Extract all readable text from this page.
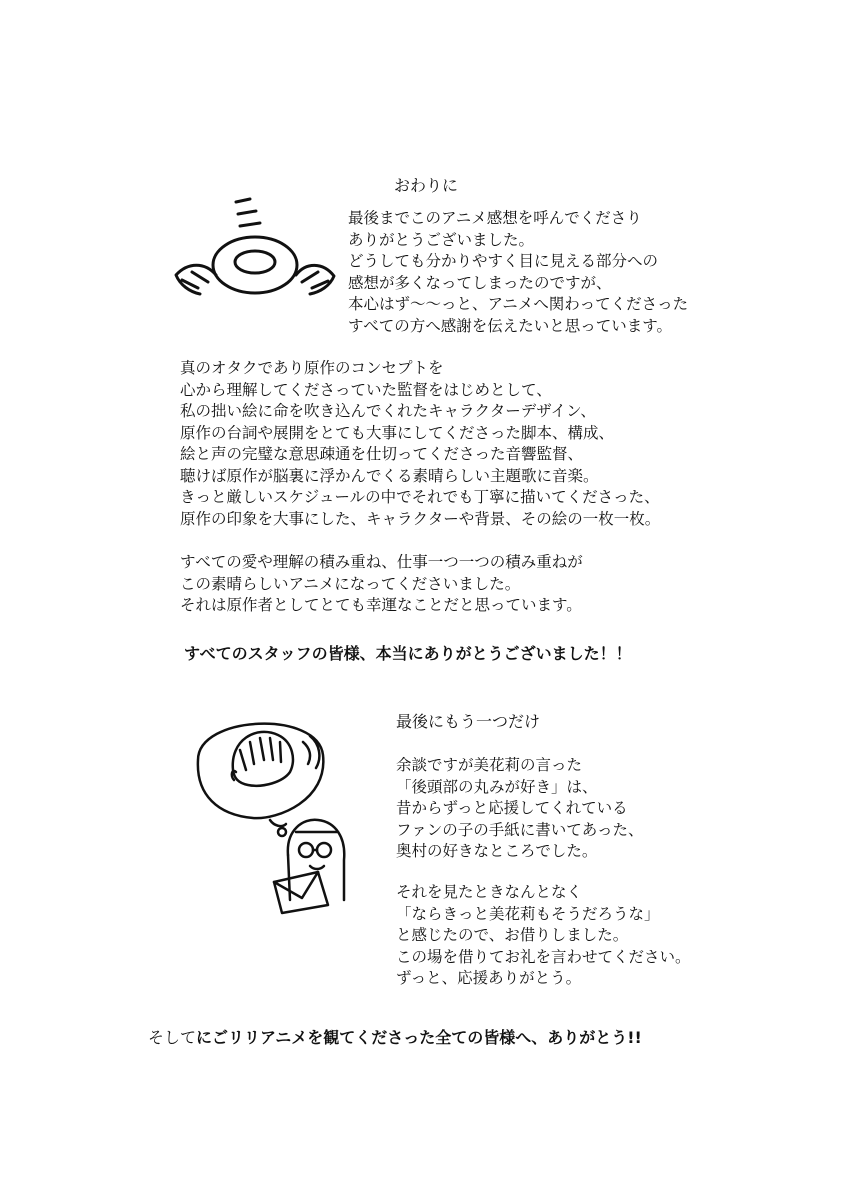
おわりに
最後までこのアニメ感想を呼んでくださり
ありがとうございました。
どうしても分かりやすく目に見える部分への
感想が多くなってしまったのですが、
本心はず～～っと、アニメへ関わってくださった
すべての方へ感謝を伝えたいと思っています。
真のオタクであり原作のコンセプトを
心から理解してくださっていた監督をはじめとして、
私の拙い絵に命を吹き込んでくれたキャラクターデザイン、
原作の台詞や展開をとても大事にしてくださった脚本、構成、
絵と声の完璧な意思疎通を仕切ってくださった音響監督、
聴けば原作が脳裏に浮かんでくる素晴らしい主題歌に音楽。
きっと厳しいスケジュールの中でそれでも丁寧に描いてくださった、
原作の印象を大事にした、キャラクターや背景、その絵の一枚一枚。
すべての愛や理解の積み重ね、仕事一つ一つの積み重ねが
この素晴らしいアニメになってくださいました。
それは原作者としてとても幸運なことだと思っています。
すべてのスタッフの皆様、本当にありがとうございました！！
最後にもう一つだけ
余談ですが美花莉の言った
「後頭部の丸みが好き」は、
昔からずっと応援してくれている
ファンの子の手紙に書いてあった、
奥村の好きなところでした。
それを見たときなんとなく
「ならきっと美花莉もそうだろうな」
と感じたので、お借りしました。
この場を借りてお礼を言わせてください。
ずっと、応援ありがとう。
そしてにごリリアニメを観てくださった全ての皆様へ、ありがとう!!
